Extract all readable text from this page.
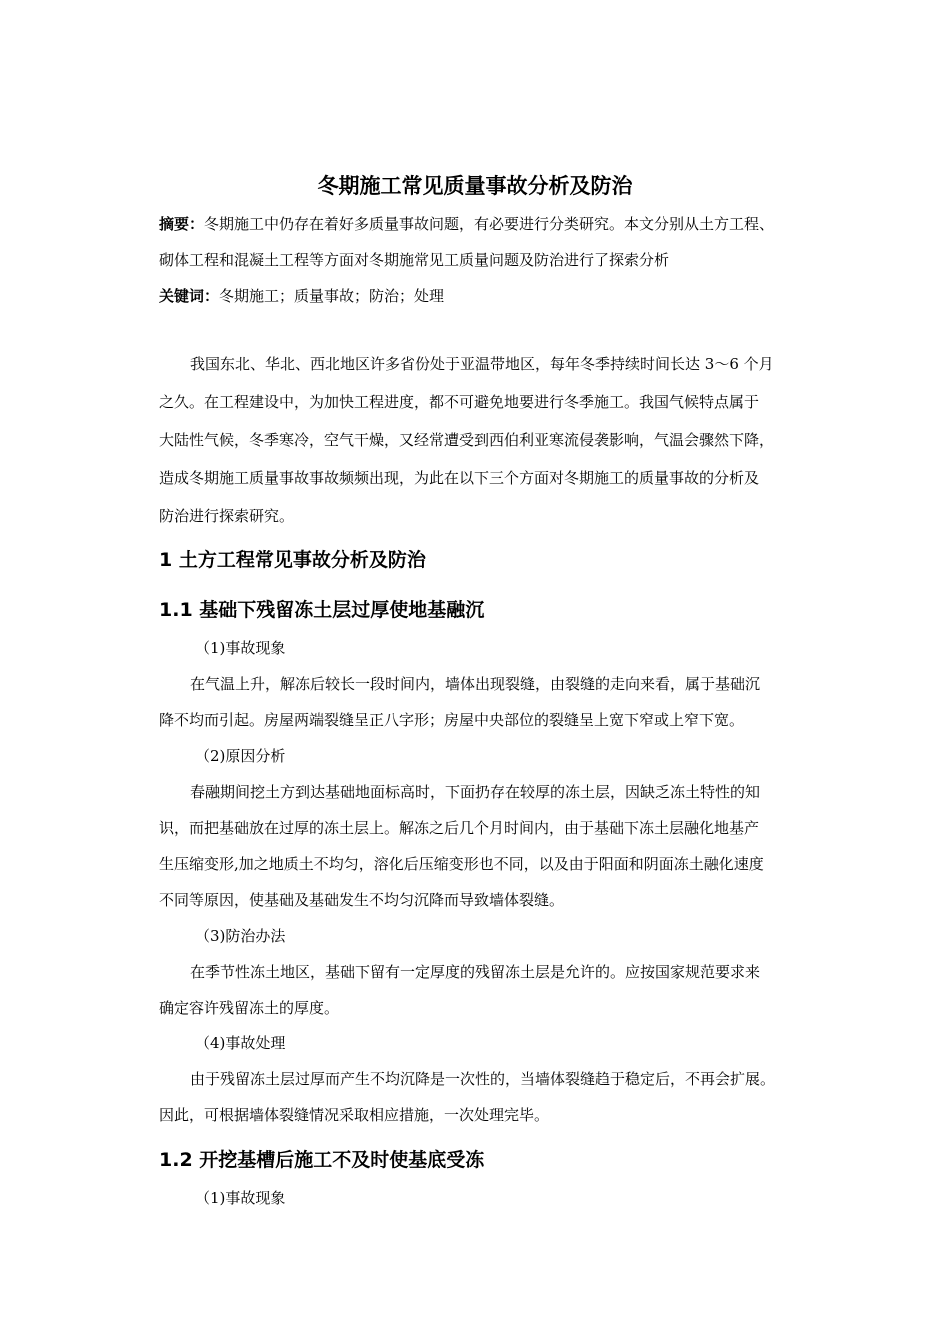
冬期施工常见质量事故分析及防治
摘要：冬期施工中仍存在着好多质量事故问题，有必要进行分类研究。本文分别从土方工程、
砌体工程和混凝土工程等方面对冬期施常见工质量问题及防治进行了探索分析
关键词：冬期施工；质量事故；防治；处理
我国东北、华北、西北地区许多省份处于亚温带地区，每年冬季持续时间长达 3～6 个月
之久。在工程建设中，为加快工程进度，都不可避免地要进行冬季施工。我国气候特点属于
大陆性气候，冬季寒冷，空气干燥，又经常遭受到西伯利亚寒流侵袭影响，气温会骤然下降，
造成冬期施工质量事故事故频频出现，为此在以下三个方面对冬期施工的质量事故的分析及
防治进行探索研究。
1 土方工程常见事故分析及防治
1.1 基础下残留冻土层过厚使地基融沉
（1)事故现象
在气温上升，解冻后较长一段时间内，墙体出现裂缝，由裂缝的走向来看，属于基础沉
降不均而引起。房屋两端裂缝呈正八字形；房屋中央部位的裂缝呈上宽下窄或上窄下宽。
（2)原因分析
春融期间挖土方到达基础地面标高时，下面扔存在较厚的冻土层，因缺乏冻土特性的知
识，而把基础放在过厚的冻土层上。解冻之后几个月时间内，由于基础下冻土层融化地基产
生压缩变形,加之地质土不均匀，溶化后压缩变形也不同，以及由于阳面和阴面冻土融化速度
不同等原因，使基础及基础发生不均匀沉降而导致墙体裂缝。
（3)防治办法
在季节性冻土地区，基础下留有一定厚度的残留冻土层是允许的。应按国家规范要求来
确定容许残留冻土的厚度。
（4)事故处理
由于残留冻土层过厚而产生不均沉降是一次性的，当墙体裂缝趋于稳定后，不再会扩展。
因此，可根据墙体裂缝情况采取相应措施，一次处理完毕。
1.2 开挖基槽后施工不及时使基底受冻
（1)事故现象
